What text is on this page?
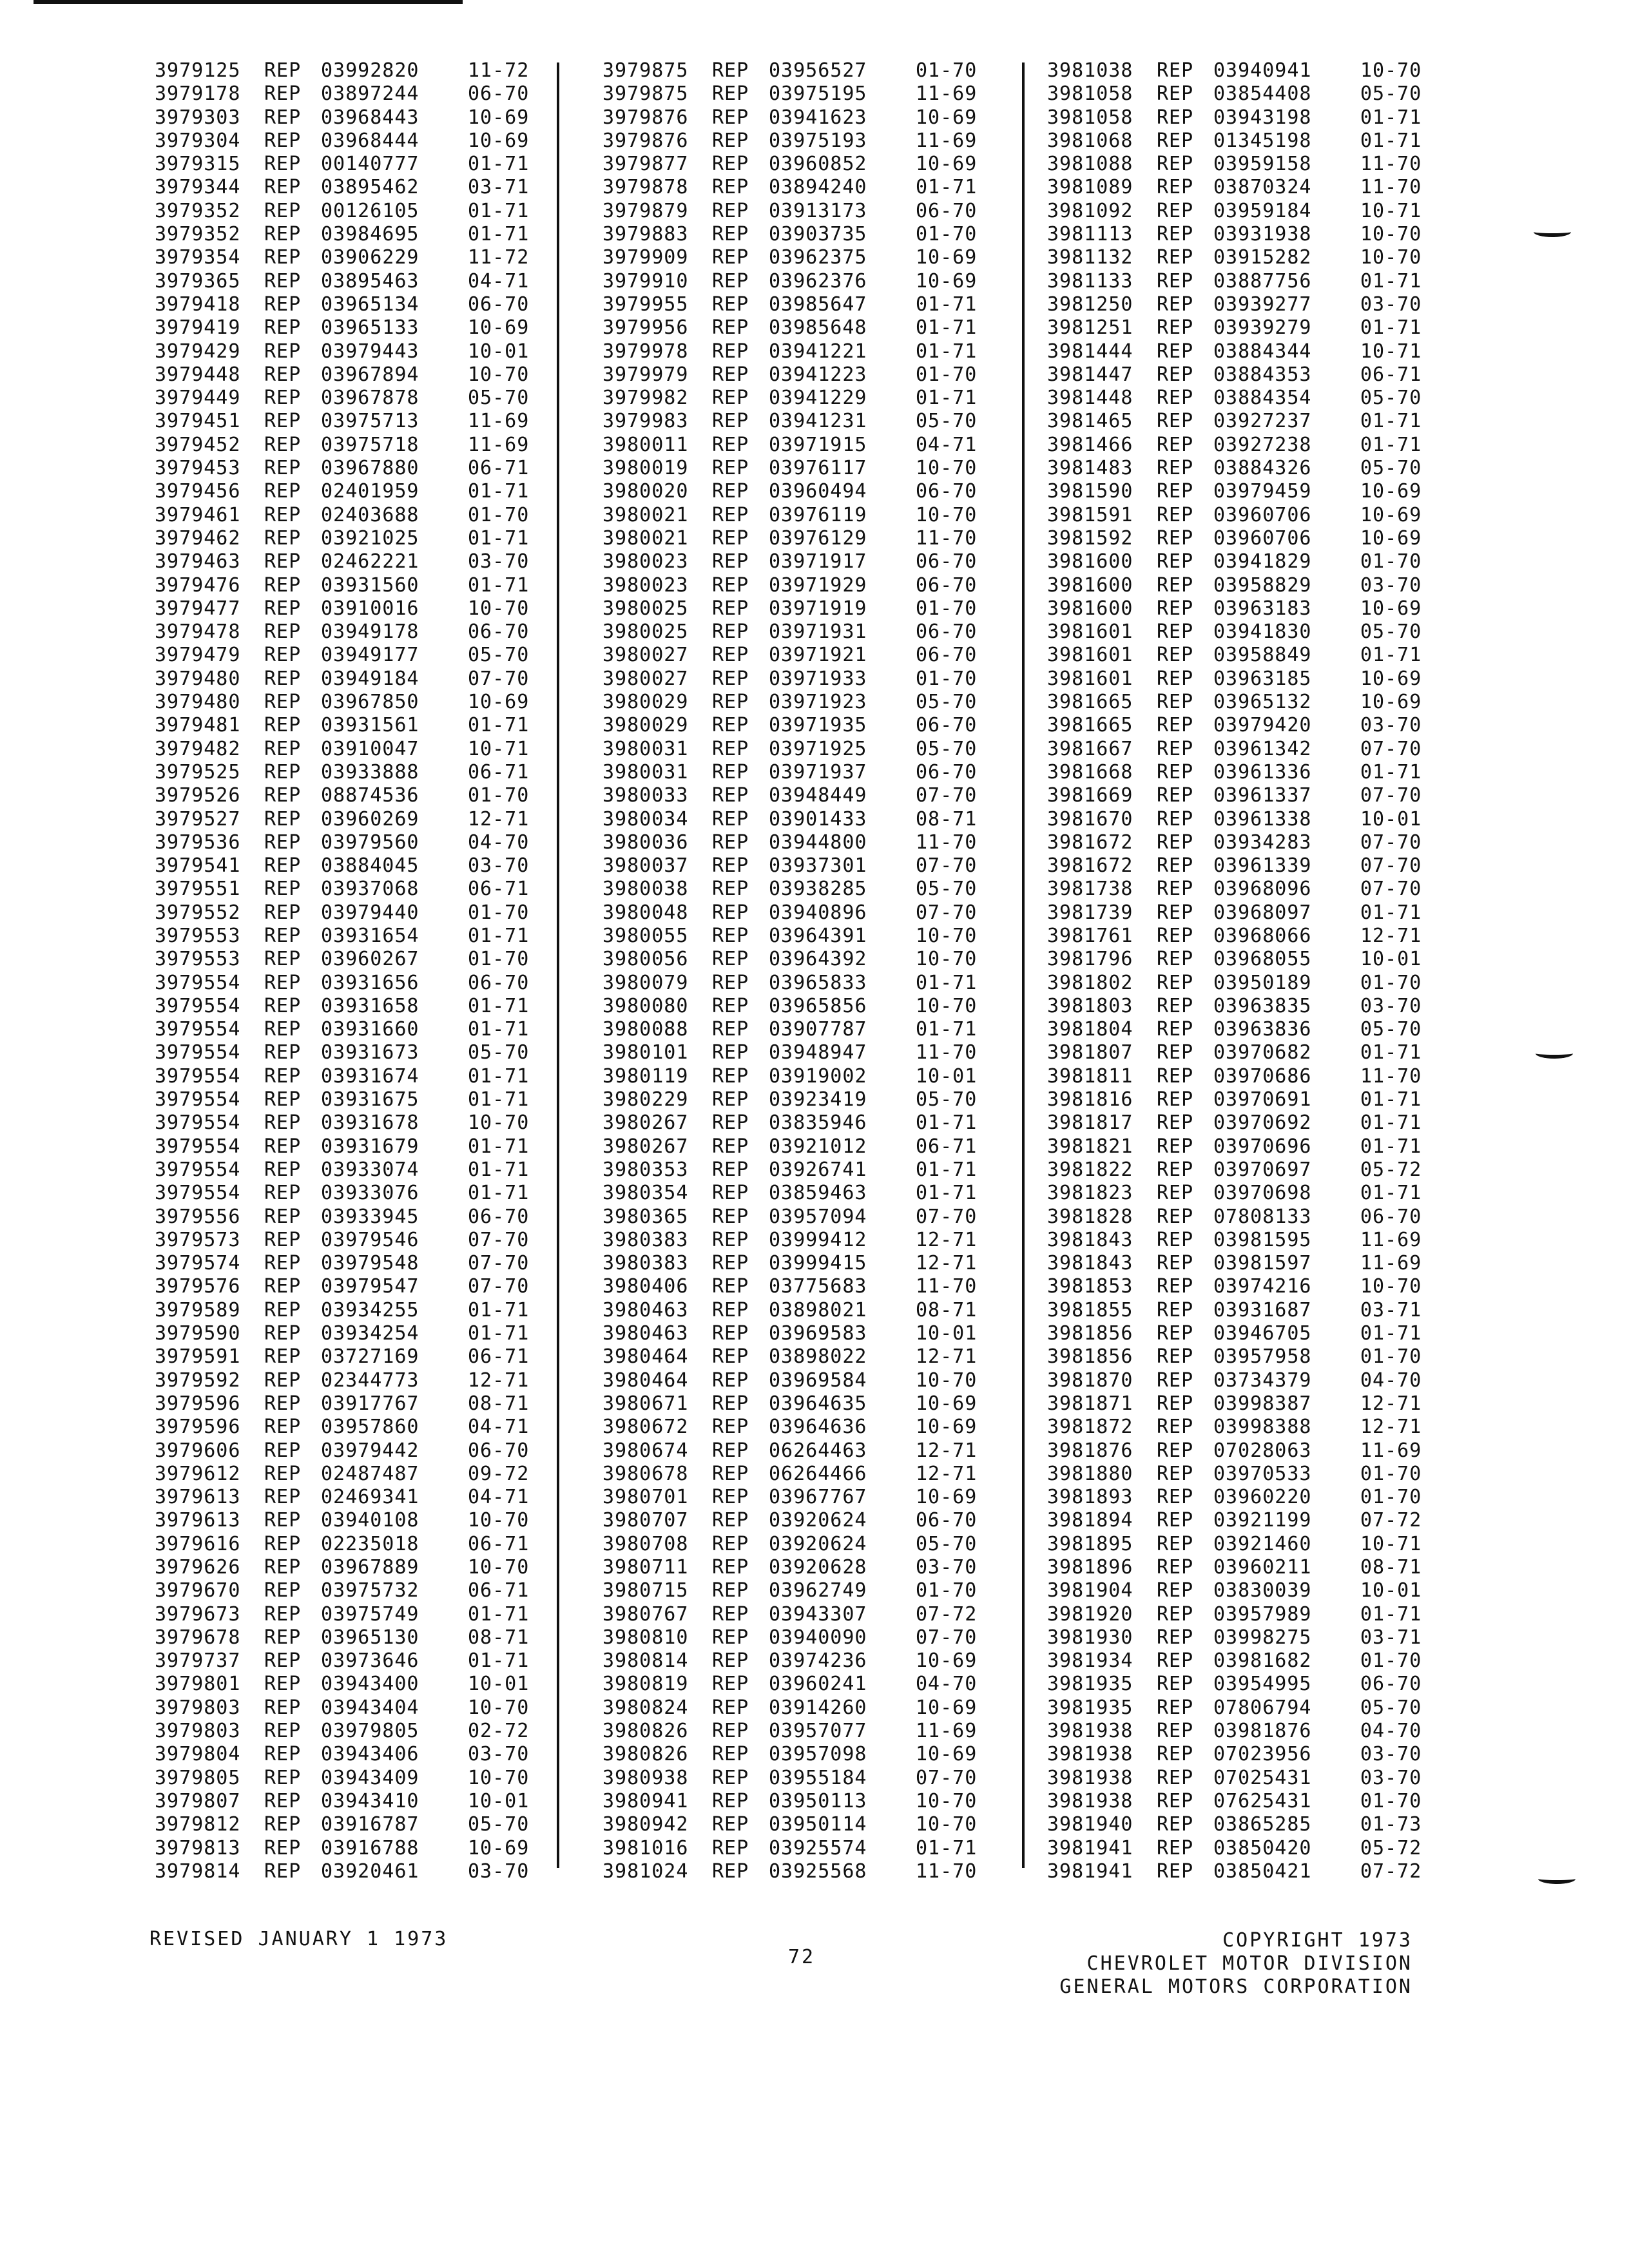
3979125	REP	03992820	11-72
3979178	REP	03897244	06-70
3979303	REP	03968443	10-69
3979304	REP	03968444	10-69
3979315	REP	00140777	01-71
3979344	REP	03895462	03-71
3979352	REP	00126105	01-71
3979352	REP	03984695	01-71
3979354	REP	03906229	11-72
3979365	REP	03895463	04-71
3979418	REP	03965134	06-70
3979419	REP	03965133	10-69
3979429	REP	03979443	10-01
3979448	REP	03967894	10-70
3979449	REP	03967878	05-70
3979451	REP	03975713	11-69
3979452	REP	03975718	11-69
3979453	REP	03967880	06-71
3979456	REP	02401959	01-71
3979461	REP	02403688	01-70
3979462	REP	03921025	01-71
3979463	REP	02462221	03-70
3979476	REP	03931560	01-71
3979477	REP	03910016	10-70
3979478	REP	03949178	06-70
3979479	REP	03949177	05-70
3979480	REP	03949184	07-70
3979480	REP	03967850	10-69
3979481	REP	03931561	01-71
3979482	REP	03910047	10-71
3979525	REP	03933888	06-71
3979526	REP	08874536	01-70
3979527	REP	03960269	12-71
3979536	REP	03979560	04-70
3979541	REP	03884045	03-70
3979551	REP	03937068	06-71
3979552	REP	03979440	01-70
3979553	REP	03931654	01-71
3979553	REP	03960267	01-70
3979554	REP	03931656	06-70
3979554	REP	03931658	01-71
3979554	REP	03931660	01-71
3979554	REP	03931673	05-70
3979554	REP	03931674	01-71
3979554	REP	03931675	01-71
3979554	REP	03931678	10-70
3979554	REP	03931679	01-71
3979554	REP	03933074	01-71
3979554	REP	03933076	01-71
3979556	REP	03933945	06-70
3979573	REP	03979546	07-70
3979574	REP	03979548	07-70
3979576	REP	03979547	07-70
3979589	REP	03934255	01-71
3979590	REP	03934254	01-71
3979591	REP	03727169	06-71
3979592	REP	02344773	12-71
3979596	REP	03917767	08-71
3979596	REP	03957860	04-71
3979606	REP	03979442	06-70
3979612	REP	02487487	09-72
3979613	REP	02469341	04-71
3979613	REP	03940108	10-70
3979616	REP	02235018	06-71
3979626	REP	03967889	10-70
3979670	REP	03975732	06-71
3979673	REP	03975749	01-71
3979678	REP	03965130	08-71
3979737	REP	03973646	01-71
3979801	REP	03943400	10-01
3979803	REP	03943404	10-70
3979803	REP	03979805	02-72
3979804	REP	03943406	03-70
3979805	REP	03943409	10-70
3979807	REP	03943410	10-01
3979812	REP	03916787	05-70
3979813	REP	03916788	10-69
3979814	REP	03920461	03-70
3979875	REP	03956527	01-70
3979875	REP	03975195	11-69
3979876	REP	03941623	10-69
3979876	REP	03975193	11-69
3979877	REP	03960852	10-69
3979878	REP	03894240	01-71
3979879	REP	03913173	06-70
3979883	REP	03903735	01-70
3979909	REP	03962375	10-69
3979910	REP	03962376	10-69
3979955	REP	03985647	01-71
3979956	REP	03985648	01-71
3979978	REP	03941221	01-71
3979979	REP	03941223	01-70
3979982	REP	03941229	01-71
3979983	REP	03941231	05-70
3980011	REP	03971915	04-71
3980019	REP	03976117	10-70
3980020	REP	03960494	06-70
3980021	REP	03976119	10-70
3980021	REP	03976129	11-70
3980023	REP	03971917	06-70
3980023	REP	03971929	06-70
3980025	REP	03971919	01-70
3980025	REP	03971931	06-70
3980027	REP	03971921	06-70
3980027	REP	03971933	01-70
3980029	REP	03971923	05-70
3980029	REP	03971935	06-70
3980031	REP	03971925	05-70
3980031	REP	03971937	06-70
3980033	REP	03948449	07-70
3980034	REP	03901433	08-71
3980036	REP	03944800	11-70
3980037	REP	03937301	07-70
3980038	REP	03938285	05-70
3980048	REP	03940896	07-70
3980055	REP	03964391	10-70
3980056	REP	03964392	10-70
3980079	REP	03965833	01-71
3980080	REP	03965856	10-70
3980088	REP	03907787	01-71
3980101	REP	03948947	11-70
3980119	REP	03919002	10-01
3980229	REP	03923419	05-70
3980267	REP	03835946	01-71
3980267	REP	03921012	06-71
3980353	REP	03926741	01-71
3980354	REP	03859463	01-71
3980365	REP	03957094	07-70
3980383	REP	03999412	12-71
3980383	REP	03999415	12-71
3980406	REP	03775683	11-70
3980463	REP	03898021	08-71
3980463	REP	03969583	10-01
3980464	REP	03898022	12-71
3980464	REP	03969584	10-70
3980671	REP	03964635	10-69
3980672	REP	03964636	10-69
3980674	REP	06264463	12-71
3980678	REP	06264466	12-71
3980701	REP	03967767	10-69
3980707	REP	03920624	06-70
3980708	REP	03920624	05-70
3980711	REP	03920628	03-70
3980715	REP	03962749	01-70
3980767	REP	03943307	07-72
3980810	REP	03940090	07-70
3980814	REP	03974236	10-69
3980819	REP	03960241	04-70
3980824	REP	03914260	10-69
3980826	REP	03957077	11-69
3980826	REP	03957098	10-69
3980938	REP	03955184	07-70
3980941	REP	03950113	10-70
3980942	REP	03950114	10-70
3981016	REP	03925574	01-71
3981024	REP	03925568	11-70
3981038	REP	03940941	10-70
3981058	REP	03854408	05-70
3981058	REP	03943198	01-71
3981068	REP	01345198	01-71
3981088	REP	03959158	11-70
3981089	REP	03870324	11-70
3981092	REP	03959184	10-71
3981113	REP	03931938	10-70
3981132	REP	03915282	10-70
3981133	REP	03887756	01-71
3981250	REP	03939277	03-70
3981251	REP	03939279	01-71
3981444	REP	03884344	10-71
3981447	REP	03884353	06-71
3981448	REP	03884354	05-70
3981465	REP	03927237	01-71
3981466	REP	03927238	01-71
3981483	REP	03884326	05-70
3981590	REP	03979459	10-69
3981591	REP	03960706	10-69
3981592	REP	03960706	10-69
3981600	REP	03941829	01-70
3981600	REP	03958829	03-70
3981600	REP	03963183	10-69
3981601	REP	03941830	05-70
3981601	REP	03958849	01-71
3981601	REP	03963185	10-69
3981665	REP	03965132	10-69
3981665	REP	03979420	03-70
3981667	REP	03961342	07-70
3981668	REP	03961336	01-71
3981669	REP	03961337	07-70
3981670	REP	03961338	10-01
3981672	REP	03934283	07-70
3981672	REP	03961339	07-70
3981738	REP	03968096	07-70
3981739	REP	03968097	01-71
3981761	REP	03968066	12-71
3981796	REP	03968055	10-01
3981802	REP	03950189	01-70
3981803	REP	03963835	03-70
3981804	REP	03963836	05-70
3981807	REP	03970682	01-71
3981811	REP	03970686	11-70
3981816	REP	03970691	01-71
3981817	REP	03970692	01-71
3981821	REP	03970696	01-71
3981822	REP	03970697	05-72
3981823	REP	03970698	01-71
3981828	REP	07808133	06-70
3981843	REP	03981595	11-69
3981843	REP	03981597	11-69
3981853	REP	03974216	10-70
3981855	REP	03931687	03-71
3981856	REP	03946705	01-71
3981856	REP	03957958	01-70
3981870	REP	03734379	04-70
3981871	REP	03998387	12-71
3981872	REP	03998388	12-71
3981876	REP	07028063	11-69
3981880	REP	03970533	01-70
3981893	REP	03960220	01-70
3981894	REP	03921199	07-72
3981895	REP	03921460	10-71
3981896	REP	03960211	08-71
3981904	REP	03830039	10-01
3981920	REP	03957989	01-71
3981930	REP	03998275	03-71
3981934	REP	03981682	01-70
3981935	REP	03954995	06-70
3981935	REP	07806794	05-70
3981938	REP	03981876	04-70
3981938	REP	07023956	03-70
3981938	REP	07025431	03-70
3981938	REP	07625431	01-70
3981940	REP	03865285	01-73
3981941	REP	03850420	05-72
3981941	REP	03850421	07-72
REVISED JANUARY 1 1973
72
COPYRIGHT 1973
CHEVROLET MOTOR DIVISION
GENERAL MOTORS CORPORATION
